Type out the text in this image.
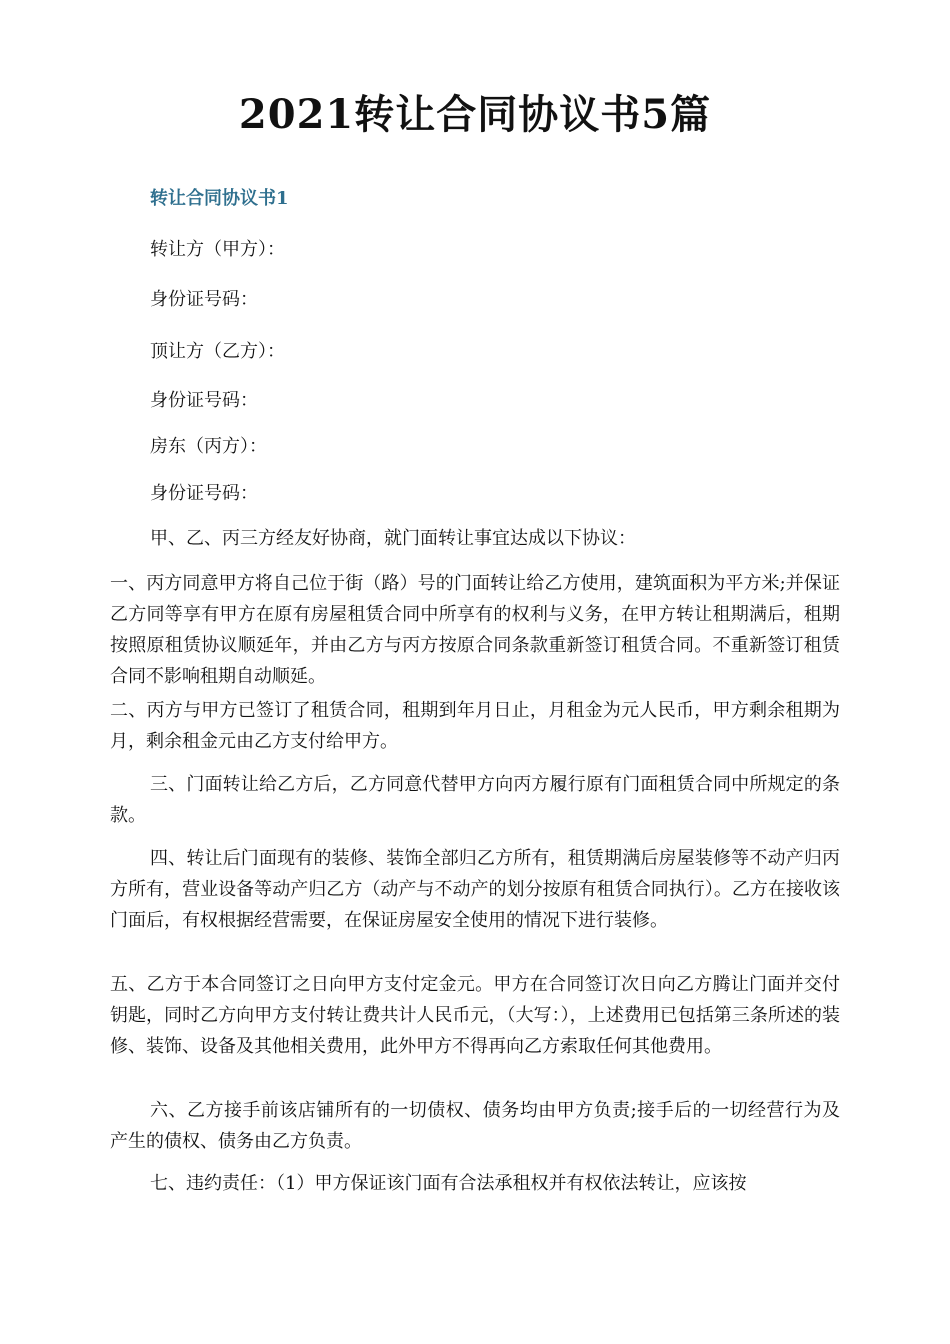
2021转让合同协议书5篇
转让合同协议书1

转让方（甲方）：

身份证号码：

顶让方（乙方）：

身份证号码：

房东（丙方）：

身份证号码：

甲、乙、丙三方经友好协商，就门面转让事宜达成以下协议：

一、丙方同意甲方将自己位于街（路）号的门面转让给乙方使用，建筑面积为平方米;并保证乙方同等享有甲方在原有房屋租赁合同中所享有的权利与义务，在甲方转让租期满后，租期按照原租赁协议顺延年，并由乙方与丙方按原合同条款重新签订租赁合同。不重新签订租赁合同不影响租期自动顺延。

二、丙方与甲方已签订了租赁合同，租期到年月日止，月租金为元人民币，甲方剩余租期为月，剩余租金元由乙方支付给甲方。

三、门面转让给乙方后，乙方同意代替甲方向丙方履行原有门面租赁合同中所规定的条款。

四、转让后门面现有的装修、装饰全部归乙方所有，租赁期满后房屋装修等不动产归丙方所有，营业设备等动产归乙方（动产与不动产的划分按原有租赁合同执行）。乙方在接收该门面后，有权根据经营需要，在保证房屋安全使用的情况下进行装修。

五、乙方于本合同签订之日向甲方支付定金元。甲方在合同签订次日向乙方腾让门面并交付钥匙，同时乙方向甲方支付转让费共计人民币元，（大写：），上述费用已包括第三条所述的装修、装饰、设备及其他相关费用，此外甲方不得再向乙方索取任何其他费用。

六、乙方接手前该店铺所有的一切债权、债务均由甲方负责;接手后的一切经营行为及产生的债权、债务由乙方负责。

七、违约责任：（1）甲方保证该门面有合法承租权并有权依法转让，应该按
